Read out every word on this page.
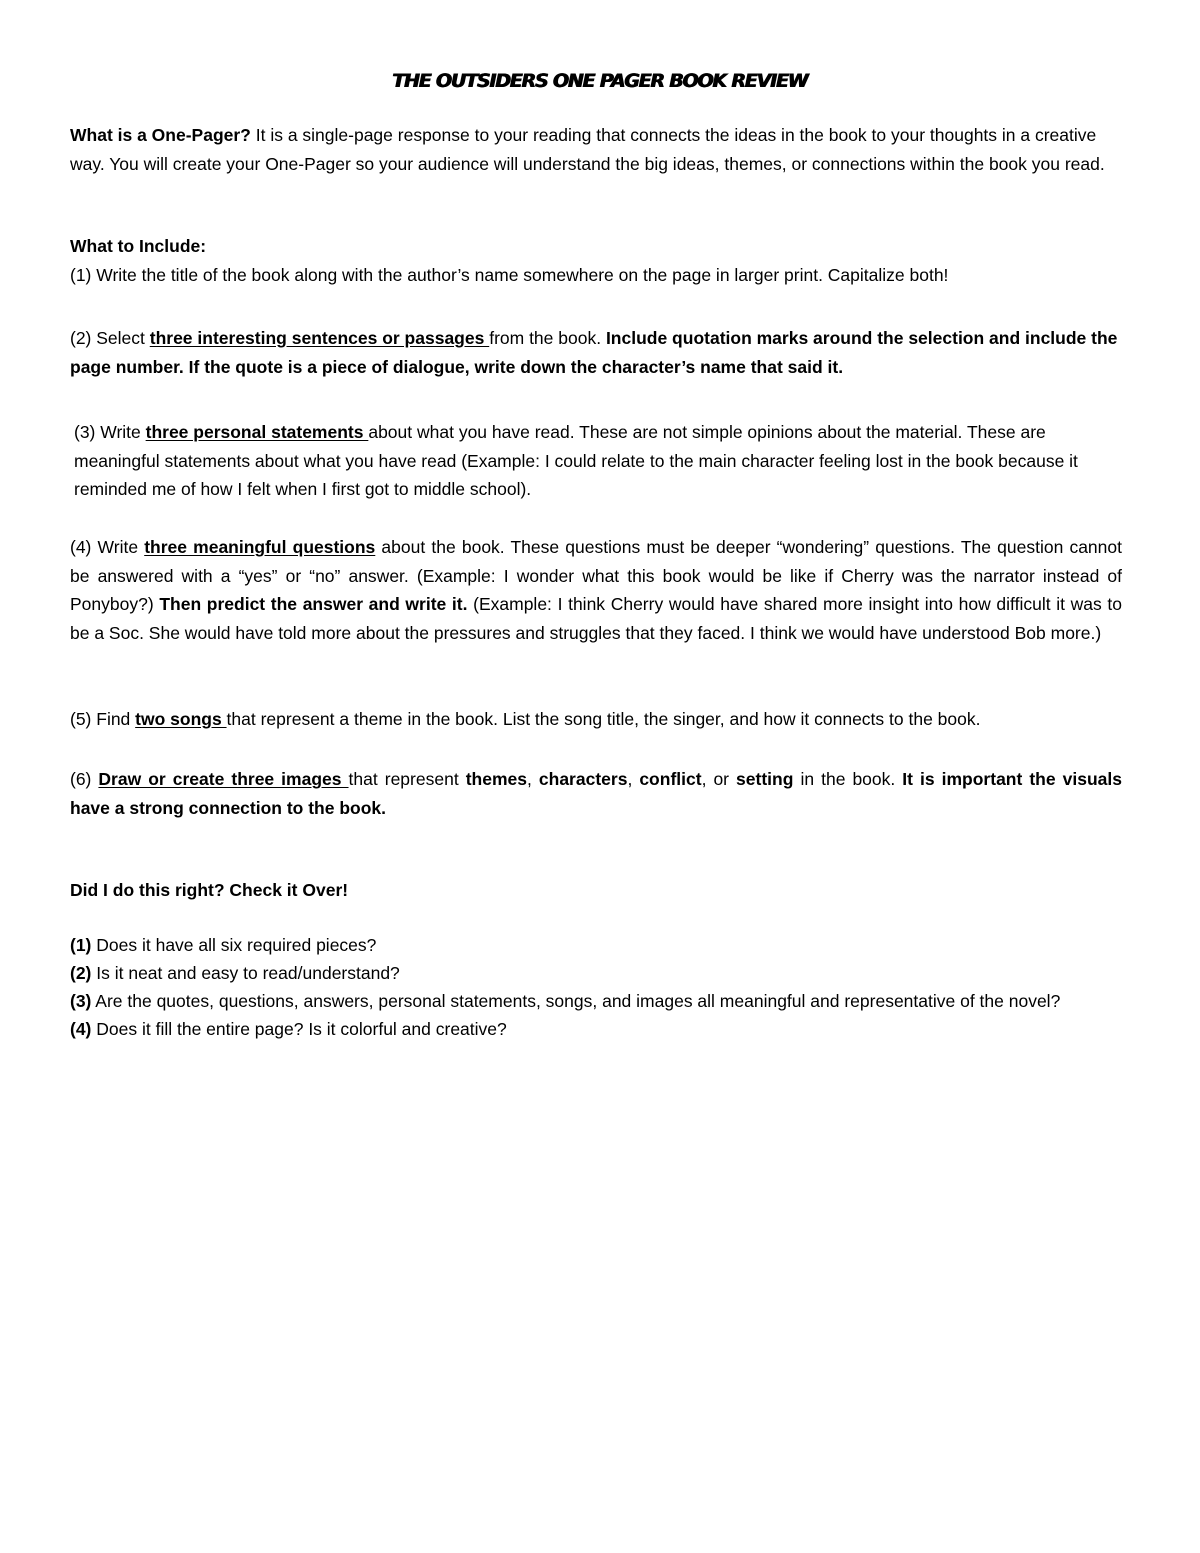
THE OUTSIDERS ONE PAGER BOOK REVIEW

What is a One-Pager? It is a single-page response to your reading that connects the ideas in the book to your thoughts in a creative way. You will create your One-Pager so your audience will understand the big ideas, themes, or connections within the book you read.

What to Include:

(1) Write the title of the book along with the author’s name somewhere on the page in larger print. Capitalize both!

(2) Select three interesting sentences or passages from the book. Include quotation marks around the selection and include the page number. If the quote is a piece of dialogue, write down the character’s name that said it.

(3) Write three personal statements about what you have read. These are not simple opinions about the material. These are meaningful statements about what you have read (Example: I could relate to the main character feeling lost in the book because it reminded me of how I felt when I first got to middle school).

(4) Write three meaningful questions about the book. These questions must be deeper “wondering” questions. The question cannot be answered with a “yes” or “no” answer. (Example: I wonder what this book would be like if Cherry was the narrator instead of Ponyboy?) Then predict the answer and write it. (Example: I think Cherry would have shared more insight into how difficult it was to be a Soc. She would have told more about the pressures and struggles that they faced. I think we would have understood Bob more.)

(5) Find two songs that represent a theme in the book. List the song title, the singer, and how it connects to the book.

(6) Draw or create three images that represent themes, characters, conflict, or setting in the book. It is important the visuals have a strong connection to the book.

Did I do this right? Check it Over!

(1) Does it have all six required pieces?

(2) Is it neat and easy to read/understand?

(3) Are the quotes, questions, answers, personal statements, songs, and images all meaningful and representative of the novel?

(4) Does it fill the entire page? Is it colorful and creative?
